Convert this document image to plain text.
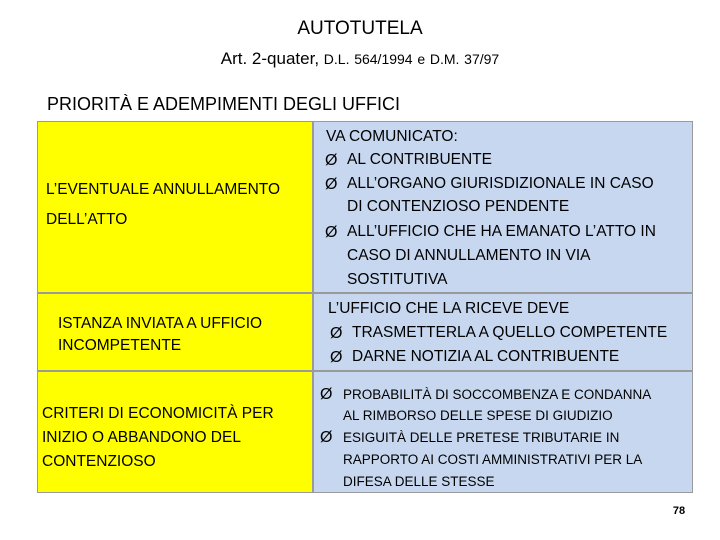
AUTOTUTELA
Art. 2-quater, D.L. 564/1994 e D.M. 37/97
PRIORITÀ E ADEMPIMENTI DEGLI UFFICI
L’EVENTUALE ANNULLAMENTO
DELL’ATTO
VA COMUNICATO:
Ø AL CONTRIBUENTE
Ø ALL’ORGANO GIURISDIZIONALE IN CASO
DI CONTENZIOSO PENDENTE
Ø ALL’UFFICIO CHE HA EMANATO L’ATTO IN
CASO DI ANNULLAMENTO IN VIA
SOSTITUTIVA
ISTANZA INVIATA A UFFICIO
INCOMPETENTE
L’UFFICIO CHE LA RICEVE DEVE
Ø TRASMETTERLA A QUELLO COMPETENTE
Ø DARNE NOTIZIA AL CONTRIBUENTE
CRITERI DI ECONOMICITÀ PER
INIZIO O ABBANDONO DEL
CONTENZIOSO
Ø PROBABILITÀ DI SOCCOMBENZA E CONDANNA
AL RIMBORSO DELLE SPESE DI GIUDIZIO
Ø ESIGUITÀ DELLE PRETESE TRIBUTARIE IN
RAPPORTO AI COSTI AMMINISTRATIVI PER LA
DIFESA DELLE STESSE
78
